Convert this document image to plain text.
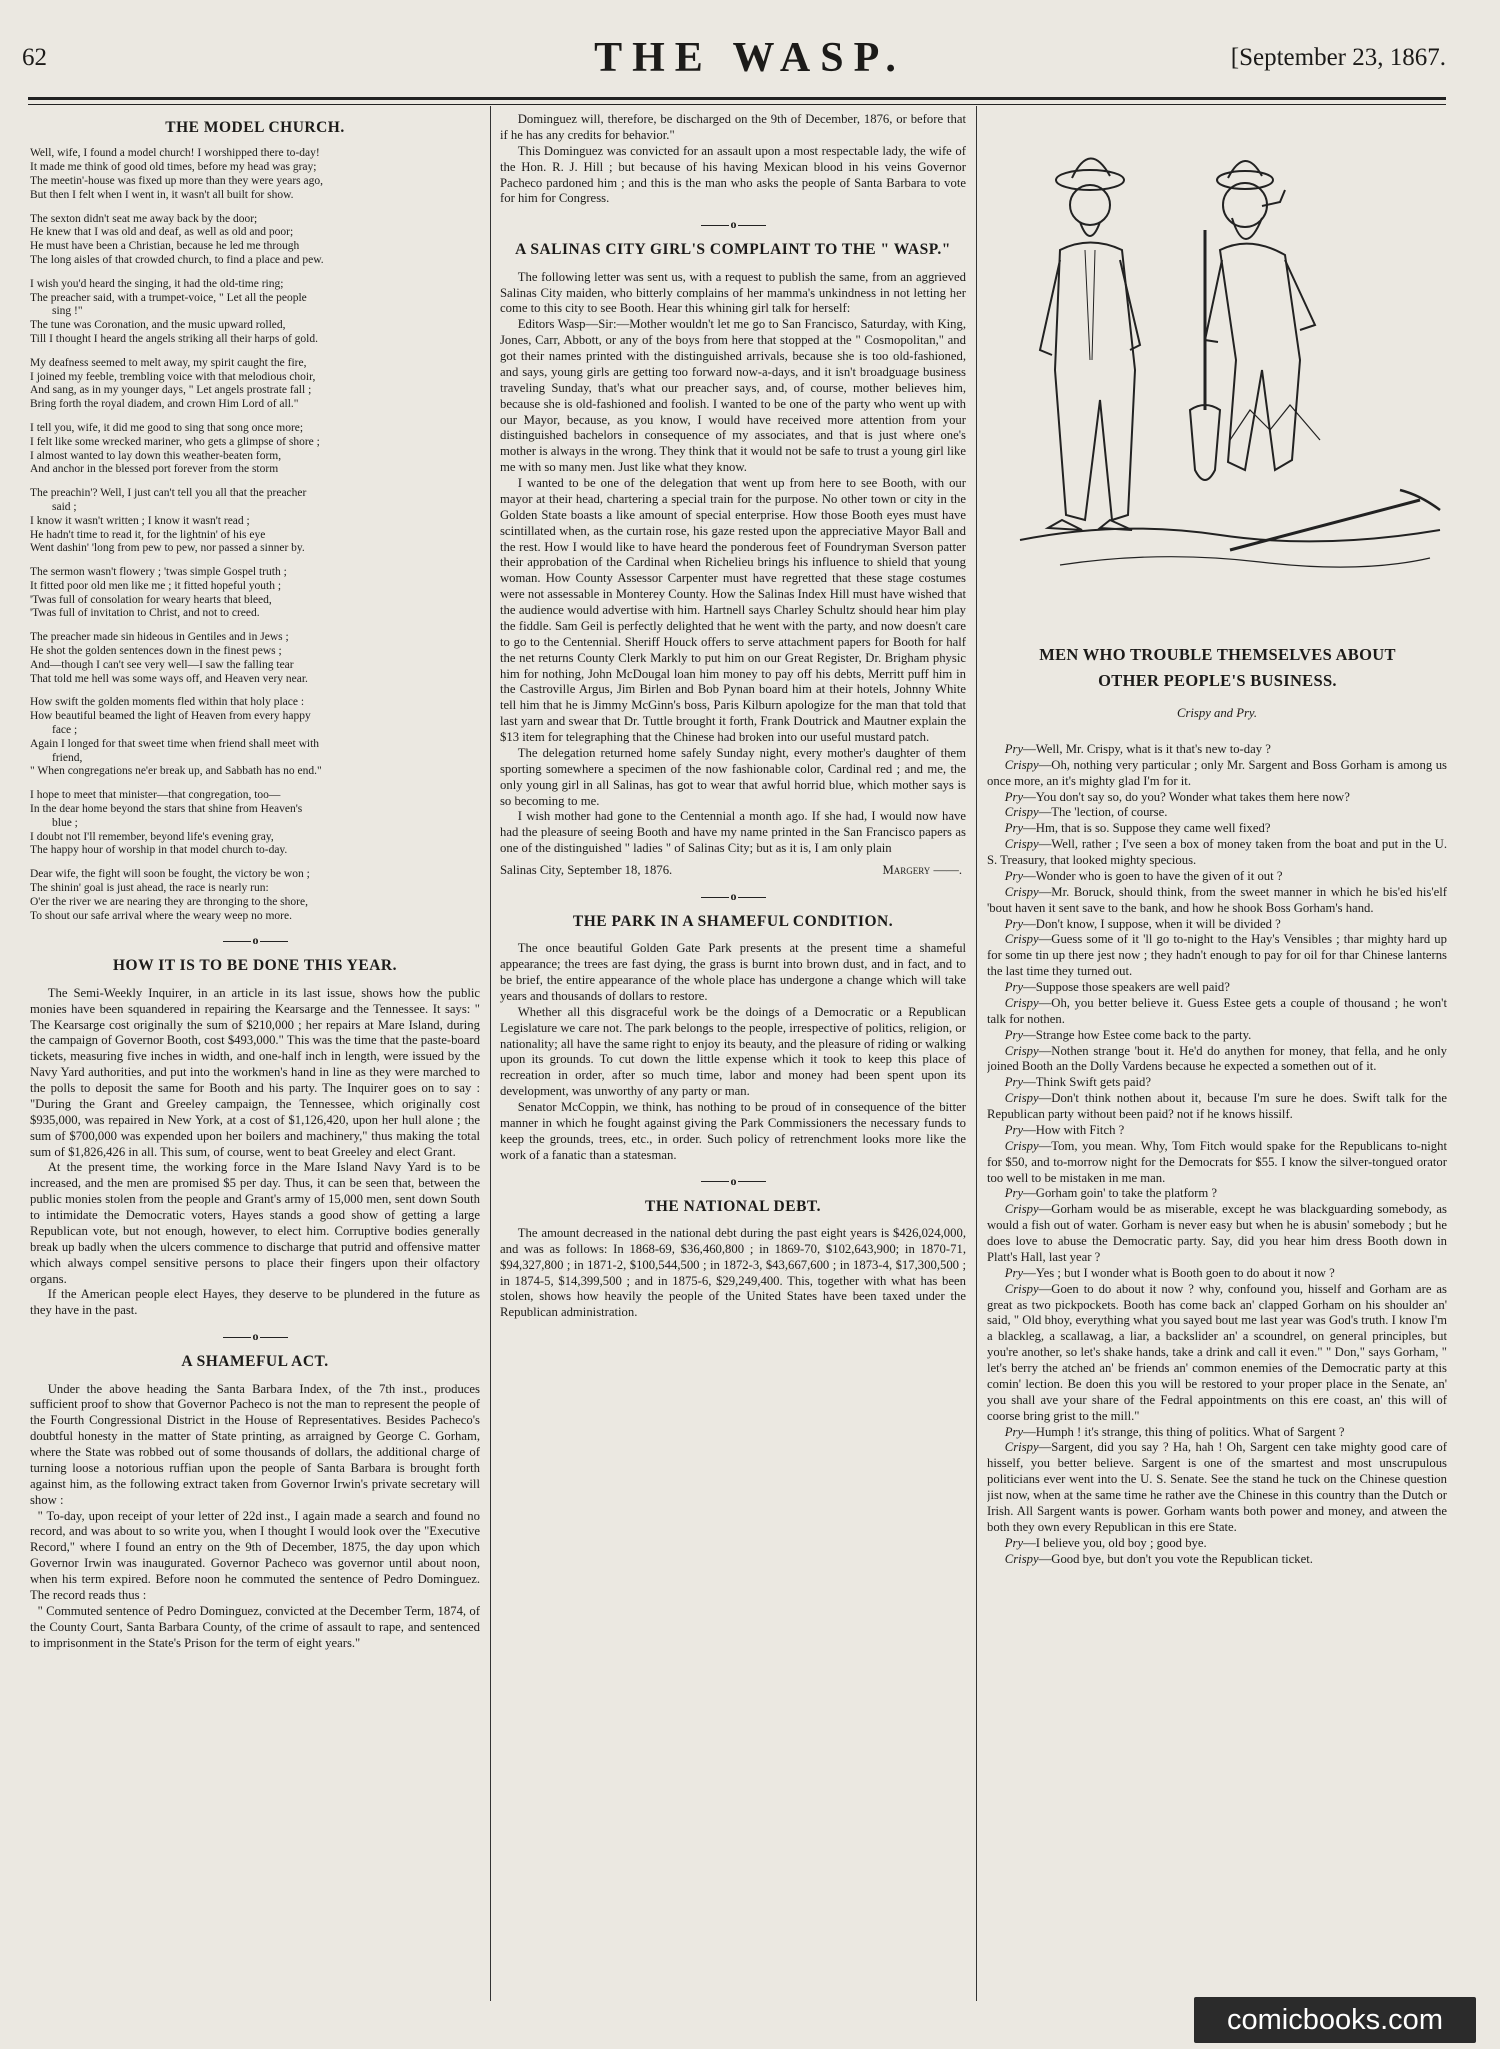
62	THE WASP.	[September 23, 1867.
THE MODEL CHURCH.
Well, wife, I found a model church! I worshipped there to-day!
It made me think of good old times, before my head was gray;
The meetin'-house was fixed up more than they were years ago,
But then I felt when I went in, it wasn't all built for show.
The sexton didn't seat me away back by the door;
He knew that I was old and deaf, as well as old and poor;
He must have been a Christian, because he led me through
The long aisles of that crowded church, to find a place and pew.
I wish you'd heard the singing, it had the old-time ring;
The preacher said, with a trumpet-voice, " Let all the people
sing !"
The tune was Coronation, and the music upward rolled,
Till I thought I heard the angels striking all their harps of gold.
My deafness seemed to melt away, my spirit caught the fire,
I joined my feeble, trembling voice with that melodious choir,
And sang, as in my younger days, " Let angels prostrate fall ;
Bring forth the royal diadem, and crown Him Lord of all."
I tell you, wife, it did me good to sing that song once more;
I felt like some wrecked mariner, who gets a glimpse of shore ;
I almost wanted to lay down this weather-beaten form,
And anchor in the blessed port forever from the storm
The preachin'? Well, I just can't tell you all that the preacher
said ;
I know it wasn't written ; I know it wasn't read ;
He hadn't time to read it, for the lightnin' of his eye
Went dashin' 'long from pew to pew, nor passed a sinner by.
The sermon wasn't flowery ; 'twas simple Gospel truth ;
It fitted poor old men like me ; it fitted hopeful youth ;
'Twas full of consolation for weary hearts that bleed,
'Twas full of invitation to Christ, and not to creed.
The preacher made sin hideous in Gentiles and in Jews ;
He shot the golden sentences down in the finest pews ;
And—though I can't see very well—I saw the falling tear
That told me hell was some ways off, and Heaven very near.
How swift the golden moments fled within that holy place :
How beautiful beamed the light of Heaven from every happy
face ;
Again I longed for that sweet time when friend shall meet with
friend,
" When congregations ne'er break up, and Sabbath has no end."
I hope to meet that minister—that congregation, too—
In the dear home beyond the stars that shine from Heaven's
blue ;
I doubt not I'll remember, beyond life's evening gray,
The happy hour of worship in that model church to-day.
Dear wife, the fight will soon be fought, the victory be won ;
The shinin' goal is just ahead, the race is nearly run:
O'er the river we are nearing they are thronging to the shore,
To shout our safe arrival where the weary weep no more.
o
HOW IT IS TO BE DONE THIS YEAR.

The Semi-Weekly Inquirer, in an article in its last issue, shows how the public monies have been squandered in repairing the Kearsarge and the Tennessee. It says: " The Kearsarge cost originally the sum of $210,000 ; her repairs at Mare Island, during the campaign of Governor Booth, cost $493,000." This was the time that the paste-board tickets, measuring five inches in width, and one-half inch in length, were issued by the Navy Yard authorities, and put into the workmen's hand in line as they were marched to the polls to deposit the same for Booth and his party. The Inquirer goes on to say : "During the Grant and Greeley campaign, the Tennessee, which originally cost $935,000, was repaired in New York, at a cost of $1,126,420, upon her hull alone ; the sum of $700,000 was expended upon her boilers and machinery," thus making the total sum of $1,826,426 in all. This sum, of course, went to beat Greeley and elect Grant.

At the present time, the working force in the Mare Island Navy Yard is to be increased, and the men are promised $5 per day. Thus, it can be seen that, between the public monies stolen from the people and Grant's army of 15,000 men, sent down South to intimidate the Democratic voters, Hayes stands a good show of getting a large Republican vote, but not enough, however, to elect him. Corruptive bodies generally break up badly when the ulcers commence to discharge that putrid and offensive matter which always compel sensitive persons to place their fingers upon their olfactory organs.

If the American people elect Hayes, they deserve to be plundered in the future as they have in the past.

o
A SHAMEFUL ACT.

Under the above heading the Santa Barbara Index, of the 7th inst., produces sufficient proof to show that Governor Pacheco is not the man to represent the people of the Fourth Congressional District in the House of Representatives. Besides Pacheco's doubtful honesty in the matter of State printing, as arraigned by George C. Gorham, where the State was robbed out of some thousands of dollars, the additional charge of turning loose a notorious ruffian upon the people of Santa Barbara is brought forth against him, as the following extract taken from Governor Irwin's private secretary will show :

" To-day, upon receipt of your letter of 22d inst., I again made a search and found no record, and was about to so write you, when I thought I would look over the "Executive Record," where I found an entry on the 9th of December, 1875, the day upon which Governor Irwin was inaugurated. Governor Pacheco was governor until about noon, when his term expired. Before noon he commuted the sentence of Pedro Dominguez. The record reads thus :

" Commuted sentence of Pedro Dominguez, convicted at the December Term, 1874, of the County Court, Santa Barbara County, of the crime of assault to rape, and sentenced to imprisonment in the State's Prison for the term of eight years."

Dominguez will, therefore, be discharged on the 9th of December, 1876, or before that if he has any credits for behavior."

This Dominguez was convicted for an assault upon a most respectable lady, the wife of the Hon. R. J. Hill ; but because of his having Mexican blood in his veins Governor Pacheco pardoned him ; and this is the man who asks the people of Santa Barbara to vote for him for Congress.

o
A SALINAS CITY GIRL'S COMPLAINT TO THE " WASP."

The following letter was sent us, with a request to publish the same, from an aggrieved Salinas City maiden, who bitterly complains of her mamma's unkindness in not letting her come to this city to see Booth. Hear this whining girl talk for herself:

Editors Wasp—Sir:—Mother wouldn't let me go to San Francisco, Saturday, with King, Jones, Carr, Abbott, or any of the boys from here that stopped at the " Cosmopolitan," and got their names printed with the distinguished arrivals, because she is too old-fashioned, and says, young girls are getting too forward now-a-days, and it isn't broadguage business traveling Sunday, that's what our preacher says, and, of course, mother believes him, because she is old-fashioned and foolish. I wanted to be one of the party who went up with our Mayor, because, as you know, I would have received more attention from your distinguished bachelors in consequence of my associates, and that is just where one's mother is always in the wrong. They think that it would not be safe to trust a young girl like me with so many men. Just like what they know.

I wanted to be one of the delegation that went up from here to see Booth, with our mayor at their head, chartering a special train for the purpose. No other town or city in the Golden State boasts a like amount of special enterprise. How those Booth eyes must have scintillated when, as the curtain rose, his gaze rested upon the appreciative Mayor Ball and the rest. How I would like to have heard the ponderous feet of Foundryman Sverson patter their approbation of the Cardinal when Richelieu brings his influence to shield that young woman. How County Assessor Carpenter must have regretted that these stage costumes were not assessable in Monterey County. How the Salinas Index Hill must have wished that the audience would advertise with him. Hartnell says Charley Schultz should hear him play the fiddle. Sam Geil is perfectly delighted that he went with the party, and now doesn't care to go to the Centennial. Sheriff Houck offers to serve attachment papers for Booth for half the net returns County Clerk Markly to put him on our Great Register, Dr. Brigham physic him for nothing, John McDougal loan him money to pay off his debts, Merritt puff him in the Castroville Argus, Jim Birlen and Bob Pynan board him at their hotels, Johnny White tell him that he is Jimmy McGinn's boss, Paris Kilburn apologize for the man that told that last yarn and swear that Dr. Tuttle brought it forth, Frank Doutrick and Mautner explain the $13 item for telegraphing that the Chinese had broken into our useful mustard patch.

The delegation returned home safely Sunday night, every mother's daughter of them sporting somewhere a specimen of the now fashionable color, Cardinal red ; and me, the only young girl in all Salinas, has got to wear that awful horrid blue, which mother says is so becoming to me.

I wish mother had gone to the Centennial a month ago. If she had, I would now have had the pleasure of seeing Booth and have my name printed in the San Francisco papers as one of the distinguished " ladies " of Salinas City; but as it is, I am only plain

Salinas City, September 18, 1876.	Margery ——.
o
THE PARK IN A SHAMEFUL CONDITION.

The once beautiful Golden Gate Park presents at the present time a shameful appearance; the trees are fast dying, the grass is burnt into brown dust, and in fact, and to be brief, the entire appearance of the whole place has undergone a change which will take years and thousands of dollars to restore.

Whether all this disgraceful work be the doings of a Democratic or a Republican Legislature we care not. The park belongs to the people, irrespective of politics, religion, or nationality; all have the same right to enjoy its beauty, and the pleasure of riding or walking upon its grounds. To cut down the little expense which it took to keep this place of recreation in order, after so much time, labor and money had been spent upon its development, was unworthy of any party or man.

Senator McCoppin, we think, has nothing to be proud of in consequence of the bitter manner in which he fought against giving the Park Commissioners the necessary funds to keep the grounds, trees, etc., in order. Such policy of retrenchment looks more like the work of a fanatic than a statesman.

o
THE NATIONAL DEBT.

The amount decreased in the national debt during the past eight years is $426,024,000, and was as follows: In 1868-69, $36,460,800 ; in 1869-70, $102,643,900; in 1870-71, $94,327,800 ; in 1871-2, $100,544,500 ; in 1872-3, $43,667,600 ; in 1873-4, $17,300,500 ; in 1874-5, $14,399,500 ; and in 1875-6, $29,249,400. This, together with what has been stolen, shows how heavily the people of the United States have been taxed under the Republican administration.

MEN WHO TROUBLE THEMSELVES ABOUT
OTHER PEOPLE'S BUSINESS.
Crispy and Pry.

Pry—Well, Mr. Crispy, what is it that's new to-day ?

Crispy—Oh, nothing very particular ; only Mr. Sargent and Boss Gorham is among us once more, an it's mighty glad I'm for it.

Pry—You don't say so, do you? Wonder what takes them here now?

Crispy—The 'lection, of course.

Pry—Hm, that is so. Suppose they came well fixed?

Crispy—Well, rather ; I've seen a box of money taken from the boat and put in the U. S. Treasury, that looked mighty specious.

Pry—Wonder who is goen to have the given of it out ?

Crispy—Mr. Boruck, should think, from the sweet manner in which he bis'ed his'elf 'bout haven it sent save to the bank, and how he shook Boss Gorham's hand.

Pry—Don't know, I suppose, when it will be divided ?

Crispy—Guess some of it 'll go to-night to the Hay's Vensibles ; thar mighty hard up for some tin up there jest now ; they hadn't enough to pay for oil for thar Chinese lanterns the last time they turned out.

Pry—Suppose those speakers are well paid?

Crispy—Oh, you better believe it. Guess Estee gets a couple of thousand ; he won't talk for nothen.

Pry—Strange how Estee come back to the party.

Crispy—Nothen strange 'bout it. He'd do anythen for money, that fella, and he only joined Booth an the Dolly Vardens because he expected a somethen out of it.

Pry—Think Swift gets paid?

Crispy—Don't think nothen about it, because I'm sure he does. Swift talk for the Republican party without been paid? not if he knows hissilf.

Pry—How with Fitch ?

Crispy—Tom, you mean. Why, Tom Fitch would spake for the Republicans to-night for $50, and to-morrow night for the Democrats for $55. I know the silver-tongued orator too well to be mistaken in me man.

Pry—Gorham goin' to take the platform ?

Crispy—Gorham would be as miserable, except he was blackguarding somebody, as would a fish out of water. Gorham is never easy but when he is abusin' somebody ; but he does love to abuse the Democratic party. Say, did you hear him dress Booth down in Platt's Hall, last year ?

Pry—Yes ; but I wonder what is Booth goen to do about it now ?

Crispy—Goen to do about it now ? why, confound you, hisself and Gorham are as great as two pickpockets. Booth has come back an' clapped Gorham on his shoulder an' said, " Old bhoy, everything what you sayed bout me last year was God's truth. I know I'm a blackleg, a scallawag, a liar, a backslider an' a scoundrel, on general principles, but you're another, so let's shake hands, take a drink and call it even." " Don," says Gorham, " let's berry the atched an' be friends an' common enemies of the Democratic party at this comin' lection. Be doen this you will be restored to your proper place in the Senate, an' you shall ave your share of the Fedral appointments on this ere coast, an' this will of coorse bring grist to the mill."

Pry—Humph ! it's strange, this thing of politics. What of Sargent ?

Crispy—Sargent, did you say ? Ha, hah ! Oh, Sargent cen take mighty good care of hisself, you better believe. Sargent is one of the smartest and most unscrupulous politicians ever went into the U. S. Senate. See the stand he tuck on the Chinese question jist now, when at the same time he rather ave the Chinese in this country than the Dutch or Irish. All Sargent wants is power. Gorham wants both power and money, and atween the both they own every Republican in this ere State.

Pry—I believe you, old boy ; good bye.

Crispy—Good bye, but don't you vote the Republican ticket.

comicbooks.com
